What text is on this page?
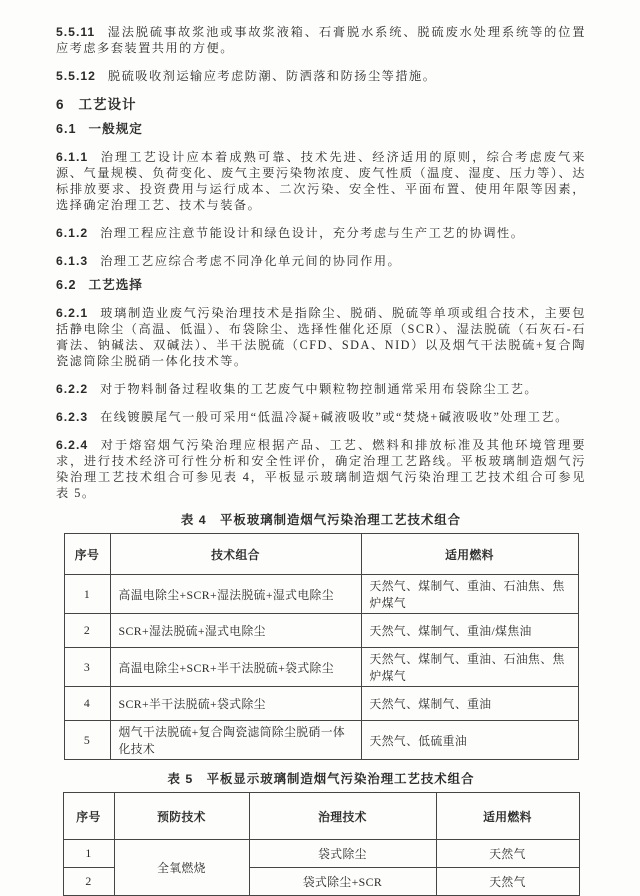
5.5.11 湿法脱硫事故浆池或事故浆液箱、石膏脱水系统、脱硫废水处理系统等的位置应考虑多套装置共用的方便。

5.5.12 脱硫吸收剂运输应考虑防潮、防洒落和防扬尘等措施。

6 工艺设计
6.1 一般规定

6.1.1 治理工艺设计应本着成熟可靠、技术先进、经济适用的原则，综合考虑废气来源、气量规模、负荷变化、废气主要污染物浓度、废气性质（温度、湿度、压力等）、达标排放要求、投资费用与运行成本、二次污染、安全性、平面布置、使用年限等因素，选择确定治理工艺、技术与装备。

6.1.2 治理工程应注意节能设计和绿色设计，充分考虑与生产工艺的协调性。

6.1.3 治理工艺应综合考虑不同净化单元间的协同作用。

6.2 工艺选择

6.2.1 玻璃制造业废气污染治理技术是指除尘、脱硝、脱硫等单项或组合技术，主要包括静电除尘（高温、低温）、布袋除尘、选择性催化还原（SCR）、湿法脱硫（石灰石-石膏法、钠碱法、双碱法）、半干法脱硫（CFD、SDA、NID）以及烟气干法脱硫+复合陶瓷滤筒除尘脱硝一体化技术等。

6.2.2 对于物料制备过程收集的工艺废气中颗粒物控制通常采用布袋除尘工艺。

6.2.3 在线镀膜尾气一般可采用“低温冷凝+碱液吸收”或“焚烧+碱液吸收”处理工艺。

6.2.4 对于熔窑烟气污染治理应根据产品、工艺、燃料和排放标准及其他环境管理要求，进行技术经济可行性分析和安全性评价，确定治理工艺路线。平板玻璃制造烟气污染治理工艺技术组合可参见表 4，平板显示玻璃制造烟气污染治理工艺技术组合可参见表 5。

表 4　平板玻璃制造烟气污染治理工艺技术组合
序号	技术组合	适用燃料
1	高温电除尘+SCR+湿法脱硫+湿式电除尘	天然气、煤制气、重油、石油焦、焦炉煤气
2	SCR+湿法脱硫+湿式电除尘	天然气、煤制气、重油/煤焦油
3	高温电除尘+SCR+半干法脱硫+袋式除尘	天然气、煤制气、重油、石油焦、焦炉煤气
4	SCR+半干法脱硫+袋式除尘	天然气、煤制气、重油
5	烟气干法脱硫+复合陶瓷滤筒除尘脱硝一体化技术	天然气、低硫重油
表 5　平板显示玻璃制造烟气污染治理工艺技术组合
序号	预防技术	治理技术	适用燃料
1	全氧燃烧	袋式除尘	天然气
2		袋式除尘+SCR	天然气
